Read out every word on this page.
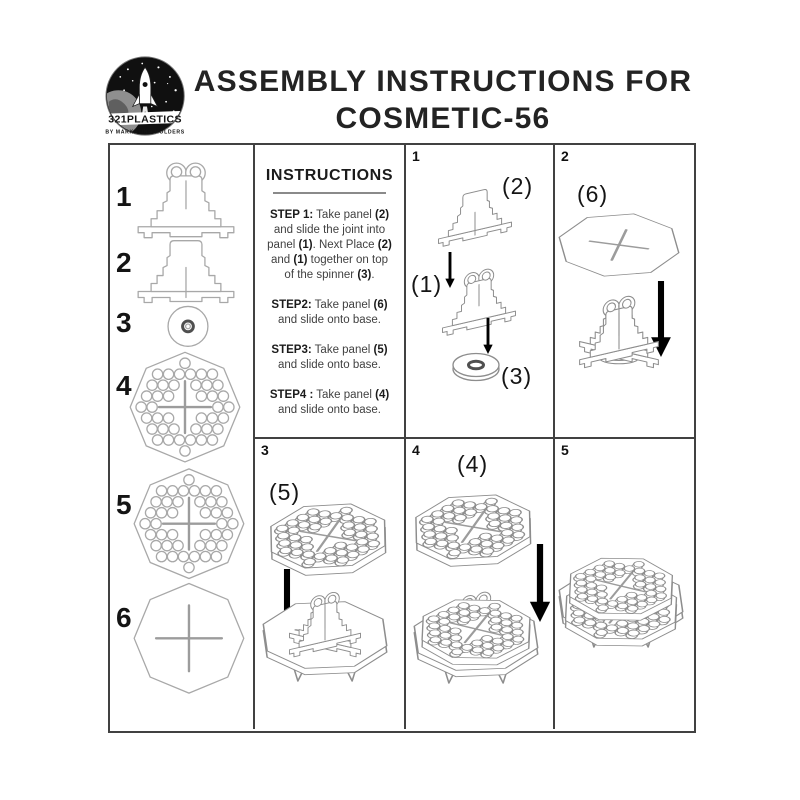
321PLASTICS
BY MARKETING HOLDERS
ASSEMBLY INSTRUCTIONS FOR
COSMETIC-56
1
2
3
4
5
6
INSTRUCTIONS

STEP 1: Take panel (2) and slide the joint into panel (1). Next Place (2) and (1) together on top of the spinner (3).

STEP2: Take panel (6) and slide onto base.

STEP3: Take panel (5) and slide onto base.

STEP4 : Take panel (4) and slide onto base.

1
(2)
(1)
(3)
2
(6)
3
(5)
4
(4)
5
